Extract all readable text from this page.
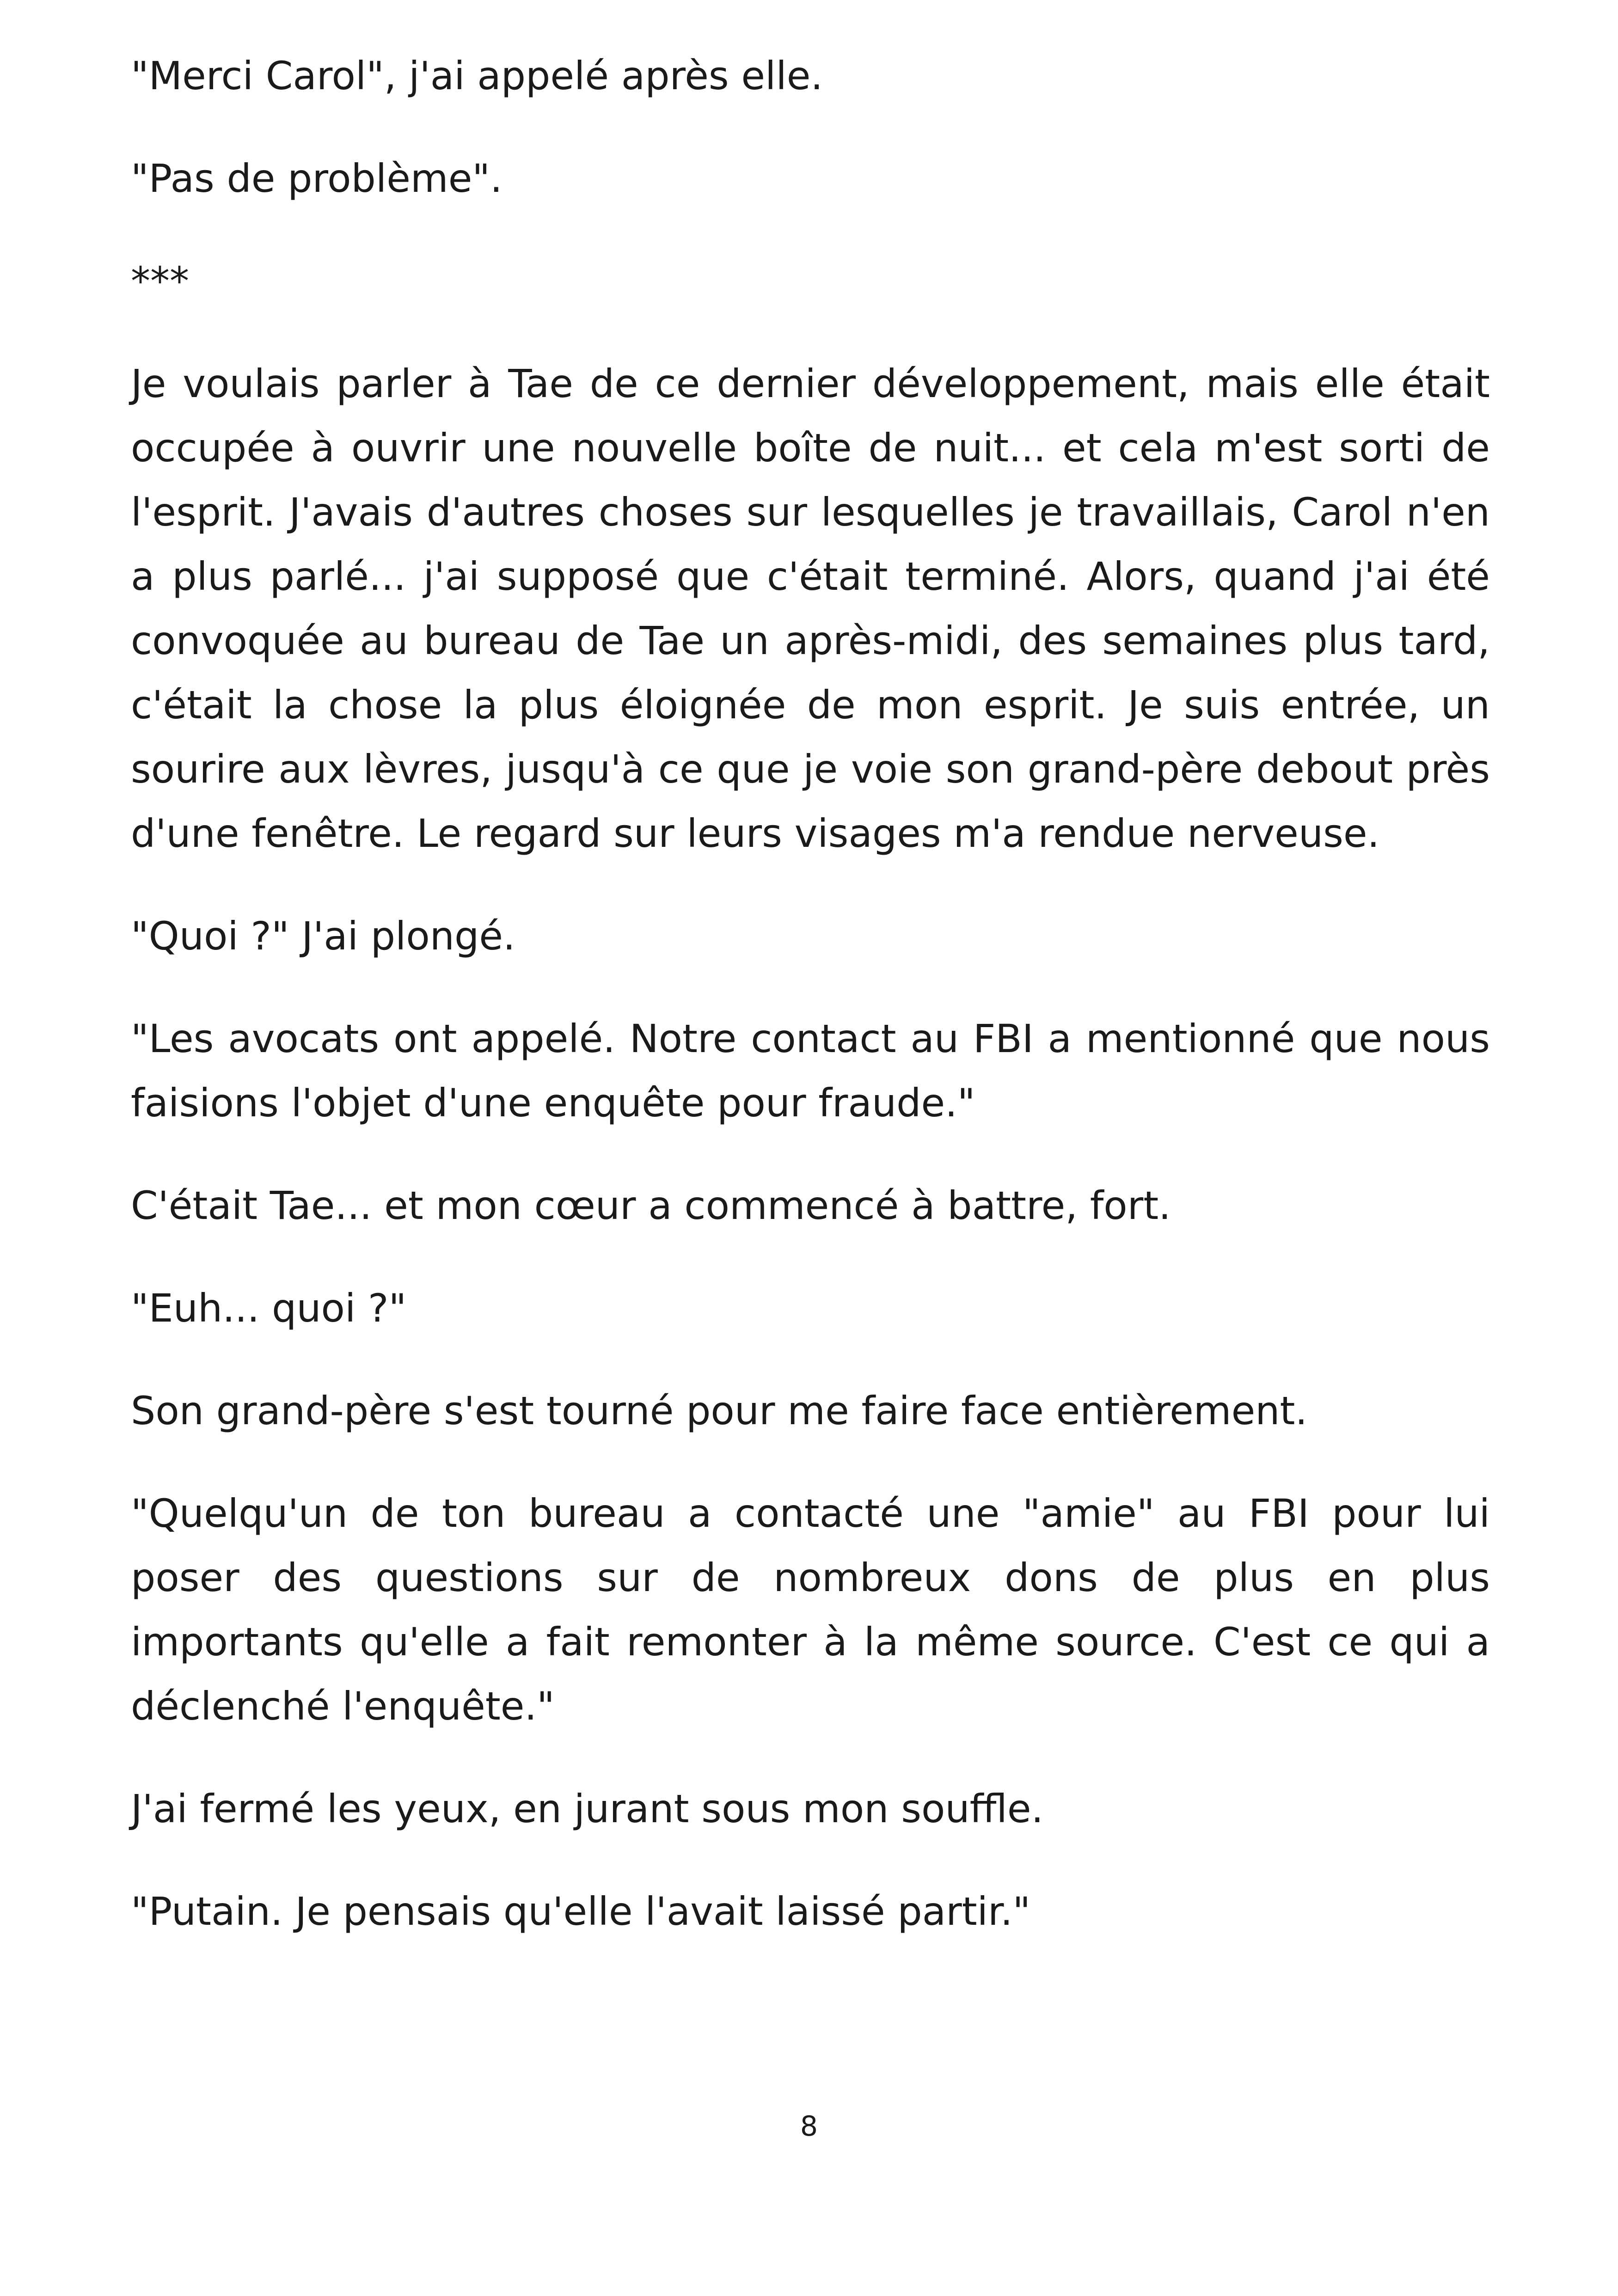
"Merci Carol", j'ai appelé après elle.

"Pas de problème".

***

Je voulais parler à Tae de ce dernier développement, mais elle était occupée à ouvrir une nouvelle boîte de nuit... et cela m'est sorti de l'esprit. J'avais d'autres choses sur lesquelles je travaillais, Carol n'en a plus parlé... j'ai supposé que c'était terminé. Alors, quand j'ai été convoquée au bureau de Tae un après-midi, des semaines plus tard, c'était la chose la plus éloignée de mon esprit. Je suis entrée, un sourire aux lèvres, jusqu'à ce que je voie son grand-père debout près d'une fenêtre. Le regard sur leurs visages m'a rendue nerveuse.

"Quoi ?" J'ai plongé.

"Les avocats ont appelé. Notre contact au FBI a mentionné que nous faisions l'objet d'une enquête pour fraude."

C'était Tae... et mon cœur a commencé à battre, fort.

"Euh... quoi ?"

Son grand-père s'est tourné pour me faire face entièrement.

"Quelqu'un de ton bureau a contacté une "amie" au FBI pour lui poser des questions sur de nombreux dons de plus en plus importants qu'elle a fait remonter à la même source. C'est ce qui a déclenché l'enquête."

J'ai fermé les yeux, en jurant sous mon souffle.

"Putain. Je pensais qu'elle l'avait laissé partir."

8
